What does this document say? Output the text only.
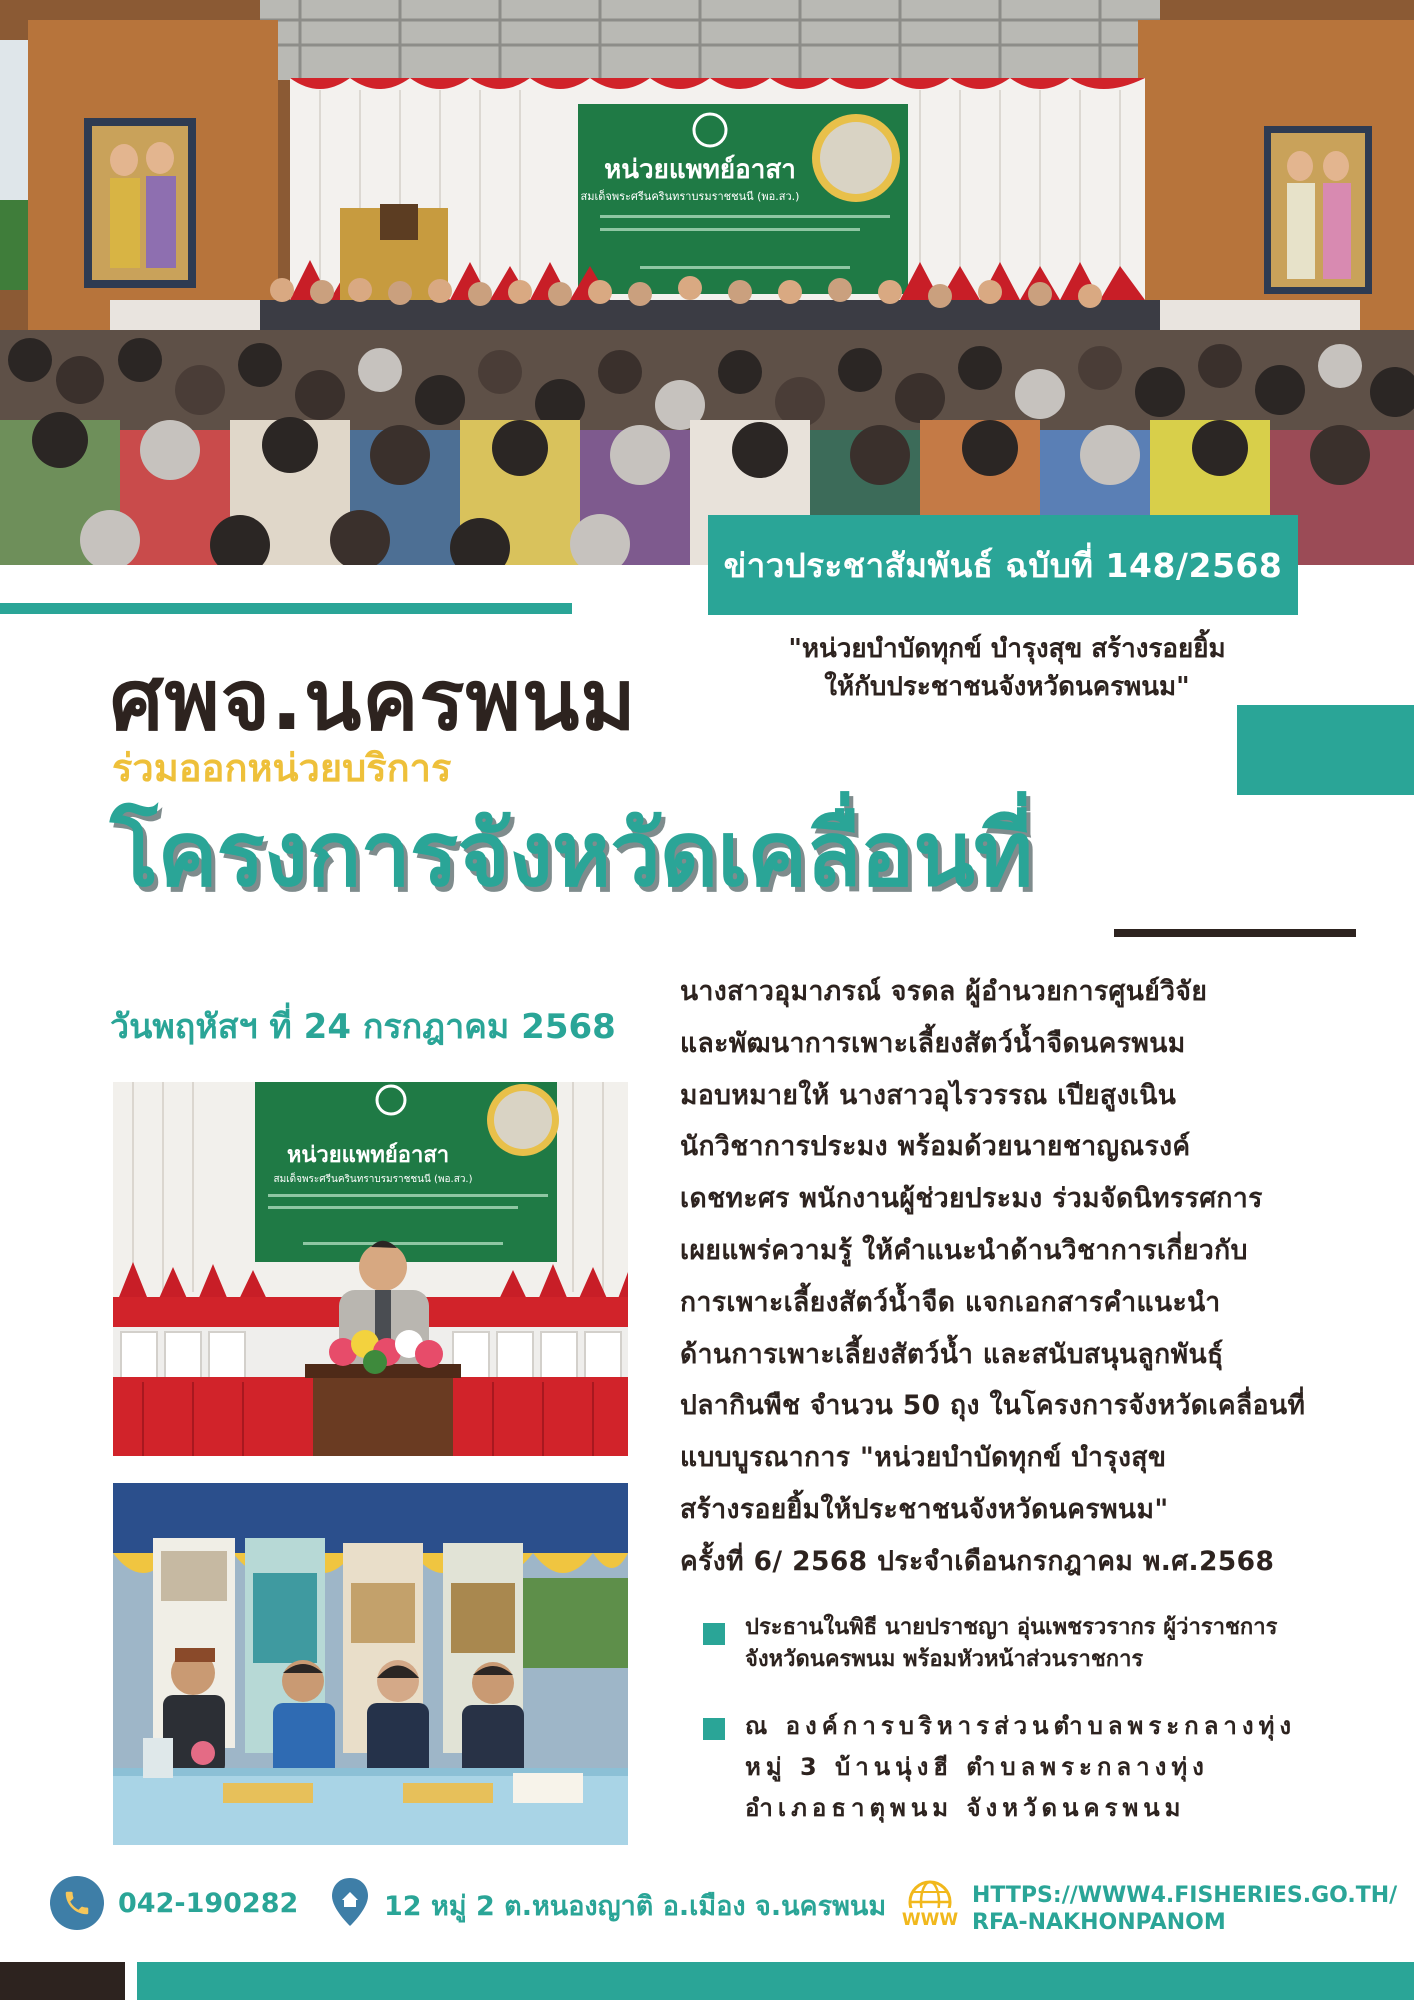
หน่วยแพทย์อาสา
สมเด็จพระศรีนครินทราบรมราชชนนี (พอ.สว.)
ข่าวประชาสัมพันธ์ ฉบับที่ 148/2568
"หน่วยบำบัดทุกข์ บำรุงสุข สร้างรอยยิ้ม
ให้กับประชาชนจังหวัดนครพนม"
ศพจ.นครพนม
ร่วมออกหน่วยบริการ
โครงการจังหวัดเคลื่อนที่
วันพฤหัสฯ ที่ 24 กรกฎาคม 2568
หน่วยแพทย์อาสา
สมเด็จพระศรีนครินทราบรมราชชนนี (พอ.สว.)
นางสาวอุมาภรณ์ จรดล ผู้อำนวยการศูนย์วิจัย
และพัฒนาการเพาะเลี้ยงสัตว์น้ำจืดนครพนม
มอบหมายให้ นางสาวอุไรวรรณ เปียสูงเนิน
นักวิชาการประมง พร้อมด้วยนายชาญณรงค์
เดชทะศร พนักงานผู้ช่วยประมง ร่วมจัดนิทรรศการ
เผยแพร่ความรู้ ให้คำแนะนำด้านวิชาการเกี่ยวกับ
การเพาะเลี้ยงสัตว์น้ำจืด แจกเอกสารคำแนะนำ
ด้านการเพาะเลี้ยงสัตว์น้ำ และสนับสนุนลูกพันธุ์
ปลากินพืช จำนวน 50 ถุง ในโครงการจังหวัดเคลื่อนที่
แบบบูรณาการ "หน่วยบำบัดทุกข์ บำรุงสุข
สร้างรอยยิ้มให้ประชาชนจังหวัดนครพนม"
ครั้งที่ 6/ 2568 ประจำเดือนกรกฎาคม พ.ศ.2568
ประธานในพิธี นายปราชญา อุ่นเพชรวรากร ผู้ว่าราชการ
จังหวัดนครพนม พร้อมหัวหน้าส่วนราชการ
ณ องค์การบริหารส่วนตำบลพระกลางทุ่ง
หมู่ 3 บ้านนุ่งฮี ตำบลพระกลางทุ่ง
อำเภอธาตุพนม จังหวัดนครพนม
042-190282	12 หมู่ 2 ต.หนองญาติ อ.เมือง จ.นครพนม WWW
HTTPS://WWW4.FISHERIES.GO.TH/
RFA-NAKHONPANOM
